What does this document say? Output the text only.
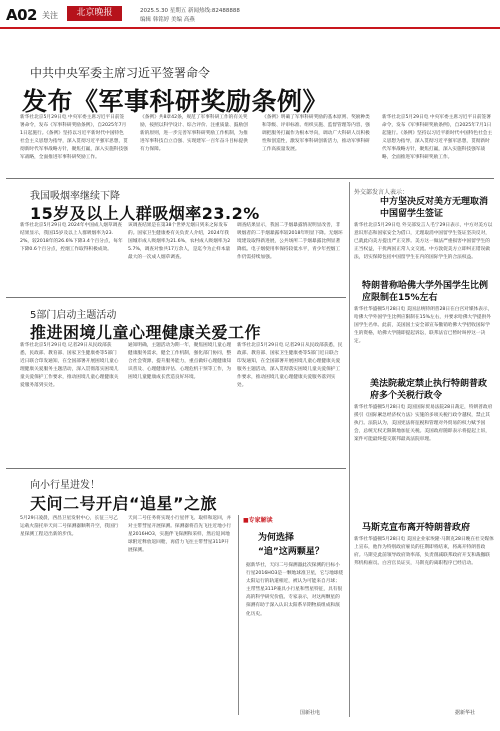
A02 关注	北京晚报	2025.5.30 星期五 新闻热线:82488888
编辑 韩铭婷 美编 高燕
中共中央军委主席习近平签署命令
发布《军事科研奖励条例》
新华社北京5月29日电 中央军委主席习近平日前签署命令，发布《军事科研奖励条例》，自2025年7月1日起施行。《条例》坚持以习近平新时代中国特色社会主义思想为指导，深入贯彻习近平强军思想，贯彻新时代军事战略方针，聚焦打赢，深入实施科技强军战略，全面推进军事科研奖励工作。
《条例》共8章42条，规范了军事科研工作的有关奖励，按照以科学设计、综合评价、注重质量、鼓励创新的原则，进一步完善军事科研奖励工作机制，为推进军事科技自立自强、实现建军一百年奋斗目标提供有力保障。
《条例》明确了军事科研奖励的基本原则、奖励种类和等级、评审标准、组织实施、监督管理等内容，强调把服务打赢作为根本导向，调动广大科研人员积极性和创造性，激发军事科研创新活力，推动军事科研工作高质量发展。
新华社北京5月29日电 中央军委主席习近平日前签署命令，发布《军事科研奖励条例》，自2025年7月1日起施行。《条例》坚持以习近平新时代中国特色社会主义思想为指导，深入贯彻习近平强军思想，贯彻新时代军事战略方针，聚焦打赢，深入实施科技强军战略，全面推进军事科研奖励工作。
我国吸烟率继续下降
15岁及以上人群吸烟率23.2%
新华社北京5月29日电 2024年中国成人烟草调查结果显示，我国15岁及以上人群吸烟率为23.2%，较2018年的26.6%下降3.4个百分点，每年下降0.6个百分点，控烟工作取得积极成效。
该调查结果是在第38个世界无烟日到来之际发布的。国家卫生健康委有关负责人介绍，2024年我国城市成人吸烟率为21.6%，农村成人吸烟率为25.7%，调查对象共17万余人，是迄今为止样本量最大的一次成人烟草调查。
调查结果显示，我国二手烟暴露情况明显改善，非吸烟者的二手烟暴露率较2018年明显下降。无烟环境建设取得新进展，公共场所二手烟暴露比例显著降低。电子烟使用率保持较低水平，青少年控烟工作仍需持续加强。
5部门启动主题活动
推进困境儿童心理健康关爱工作
新华社北京5月29日电 记者29日从民政部获悉，民政部、教育部、国家卫生健康委等5部门近日联合印发通知，在全国部署开展困境儿童心理健康关爱服务主题活动，深入贯彻落实困境儿童关爱保护工作要求，推动困境儿童心理健康关爱服务落到实处。
通知明确，主题活动为期一年，聚焦困境儿童心理健康服务需求，健全工作机制，强化部门协同，整合社会资源，提升服务能力，重点做好心理健康知识普及、心理健康评估、心理危机干预等工作，为困境儿童健康成长营造良好环境。
新华社北京5月29日电 记者29日从民政部获悉，民政部、教育部、国家卫生健康委等5部门近日联合印发通知，在全国部署开展困境儿童心理健康关爱服务主题活动，深入贯彻落实困境儿童关爱保护工作要求，推动困境儿童心理健康关爱服务落到实处。
向小行星进发！
天问二号开启“追星”之旅
5月29日凌晨，西昌卫星发射中心，长征三号乙运载火箭托举天问二号探测器顺利升空，我国行星探测工程迈出新的步伐。
天问二号任务将实现小行星伴飞、取样和返回，并对主带彗星开展探测。探测器将首先飞往近地小行星2016HO3，实施伴飞探测和采样，然后返回地球附近释放返回舱，再借力飞往主带彗星311P开展探测。
■专家解读
为何选择
“追”这两颗星？
据新华社，天问二号探测器此次探测的目标小行星2016HO3是一颗地球准卫星，它与地球绕太阳运行的轨道相近，被认为可能来自月球；主带彗星311P兼具小行星和彗星特征，具有很高的科学研究价值。专家表示，对这两颗星的探测有助于深入认识太阳系早期物质组成和演化历史。
国新社电
外交部发言人表示：
中方坚决反对美方无理取消中国留学生签证
新华社北京5月29日电 外交部发言人毛宁29日表示，中方对美方以意识形态和国家安全为借口，无理取消中国留学生签证坚决反对，已就此向美方提出严正交涉。美方这一做法严重损害中国留学生的正当权益，干扰两国正常人文交流。中方敦促美方立即纠正错误做法，切实保障包括中国留学生在内的国际学生的合法权益。
特朗普称哈佛大学外国学生比例应限制在15%左右
新华社华盛顿5月28日电 美国总统特朗普28日在白宫对媒体表示，哈佛大学外国学生比例应限制在15%左右，并要求哈佛大学提供外国学生名单。此前，美国国土安全部宣布撤销哈佛大学招收国际学生的资格，哈佛大学随即提起诉讼，联邦法官已暂时叫停这一决定。
美法院裁定禁止执行特朗普政府多个关税行政令
新华社华盛顿5月28日电 美国国际贸易法院28日裁定，特朗普政府援引《国际紧急经济权力法》实施的多项关税行政令越权，禁止其执行。法院认为，美国宪法将征税和管理对外贸易的权力赋予国会，总统无权无限制地加征关税。美国政府随即表示将提起上诉，案件可能最终提交联邦最高法院审理。
马斯克宣布离开特朗普政府
新华社华盛顿5月28日电 美国企业家埃隆·马斯克28日晚在社交媒体上宣布，他作为特别政府雇员的任期即将结束，将离开特朗普政府。马斯克此前领导政府效率部，负责削减联邦政府开支和裁撤联邦机构雇员。白宫官员证实，马斯克的离职程序已经启动。
据新华社
